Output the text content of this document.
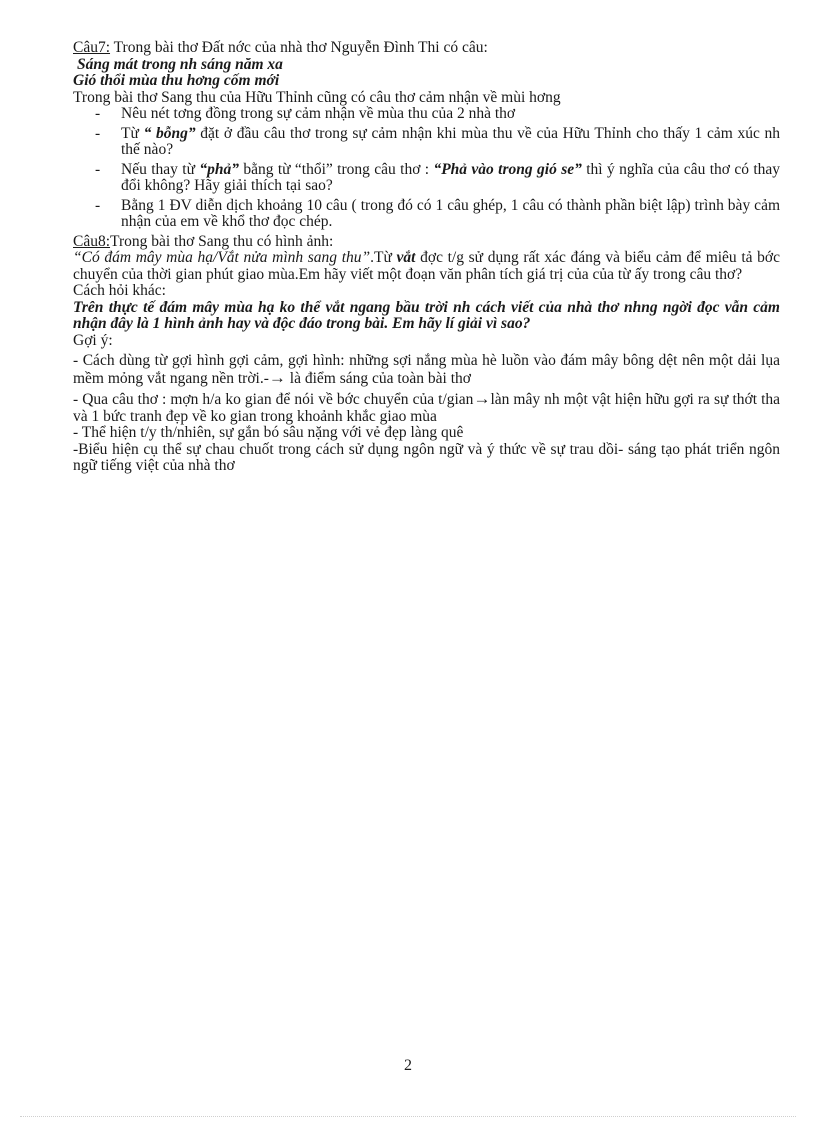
Câu7: Trong bài thơ Đất nớc của nhà thơ Nguyễn Đình Thi có câu:

Sáng mát trong nh sáng năm xa

Gió thổi mùa thu hơng cốm mới

Trong bài thơ Sang thu của Hữu Thỉnh cũng có câu thơ cảm nhận về mùi hơng

- Nêu nét tơng đồng trong sự cảm nhận về mùa thu của 2 nhà thơ
- Từ “ bỗng” đặt ở đầu câu thơ trong sự cảm nhận khi mùa thu về của Hữu Thỉnh cho thấy 1 cảm xúc nh thế nào?
- Nếu thay từ “phả” bằng từ “thổi” trong câu thơ : “Phả vào trong gió se” thì ý nghĩa của câu thơ có thay đổi không? Hãy giải thích tại sao?
- Bằng 1 ĐV diễn dịch khoảng 10 câu ( trong đó có 1 câu ghép, 1 câu có thành phần biệt lập) trình bày cảm nhận của em về khổ thơ đọc chép.

Câu8:Trong bài thơ Sang thu có hình ảnh:

“Có đám mây mùa hạ/Vắt nửa mình sang thu”.Từ vắt đợc t/g sử dụng rất xác đáng và biểu cảm để miêu tả bớc chuyển của thời gian phút giao mùa.Em hãy viết một đoạn văn phân tích giá trị của của từ ấy trong câu thơ?

Cách hỏi khác:

Trên thực tế đám mây mùa hạ ko thể vắt ngang bầu trời nh cách viết của nhà thơ nhng ngời đọc vẫn cảm nhận đây là 1 hình ảnh hay và độc đáo trong bài. Em hãy lí giải vì sao?

Gợi ý:

- Cách dùng từ gợi hình gợi cảm, gợi hình: những sợi nắng mùa hè luồn vào đám mây bông dệt nên một dải lụa mềm mỏng vắt ngang nền trời.-→ là điểm sáng của toàn bài thơ

- Qua câu thơ : mợn h/a ko gian để nói về bớc chuyển của t/gian→làn mây nh một vật hiện hữu gợi ra sự thớt tha và 1 bức tranh đẹp về ko gian trong khoảnh khắc giao mùa

- Thể hiện t/y th/nhiên, sự gắn bó sâu nặng với vẻ đẹp làng quê

-Biểu hiện cụ thể sự chau chuốt trong cách sử dụng ngôn ngữ và ý thức về sự trau dồi- sáng tạo phát triển ngôn ngữ tiếng việt của nhà thơ

2
